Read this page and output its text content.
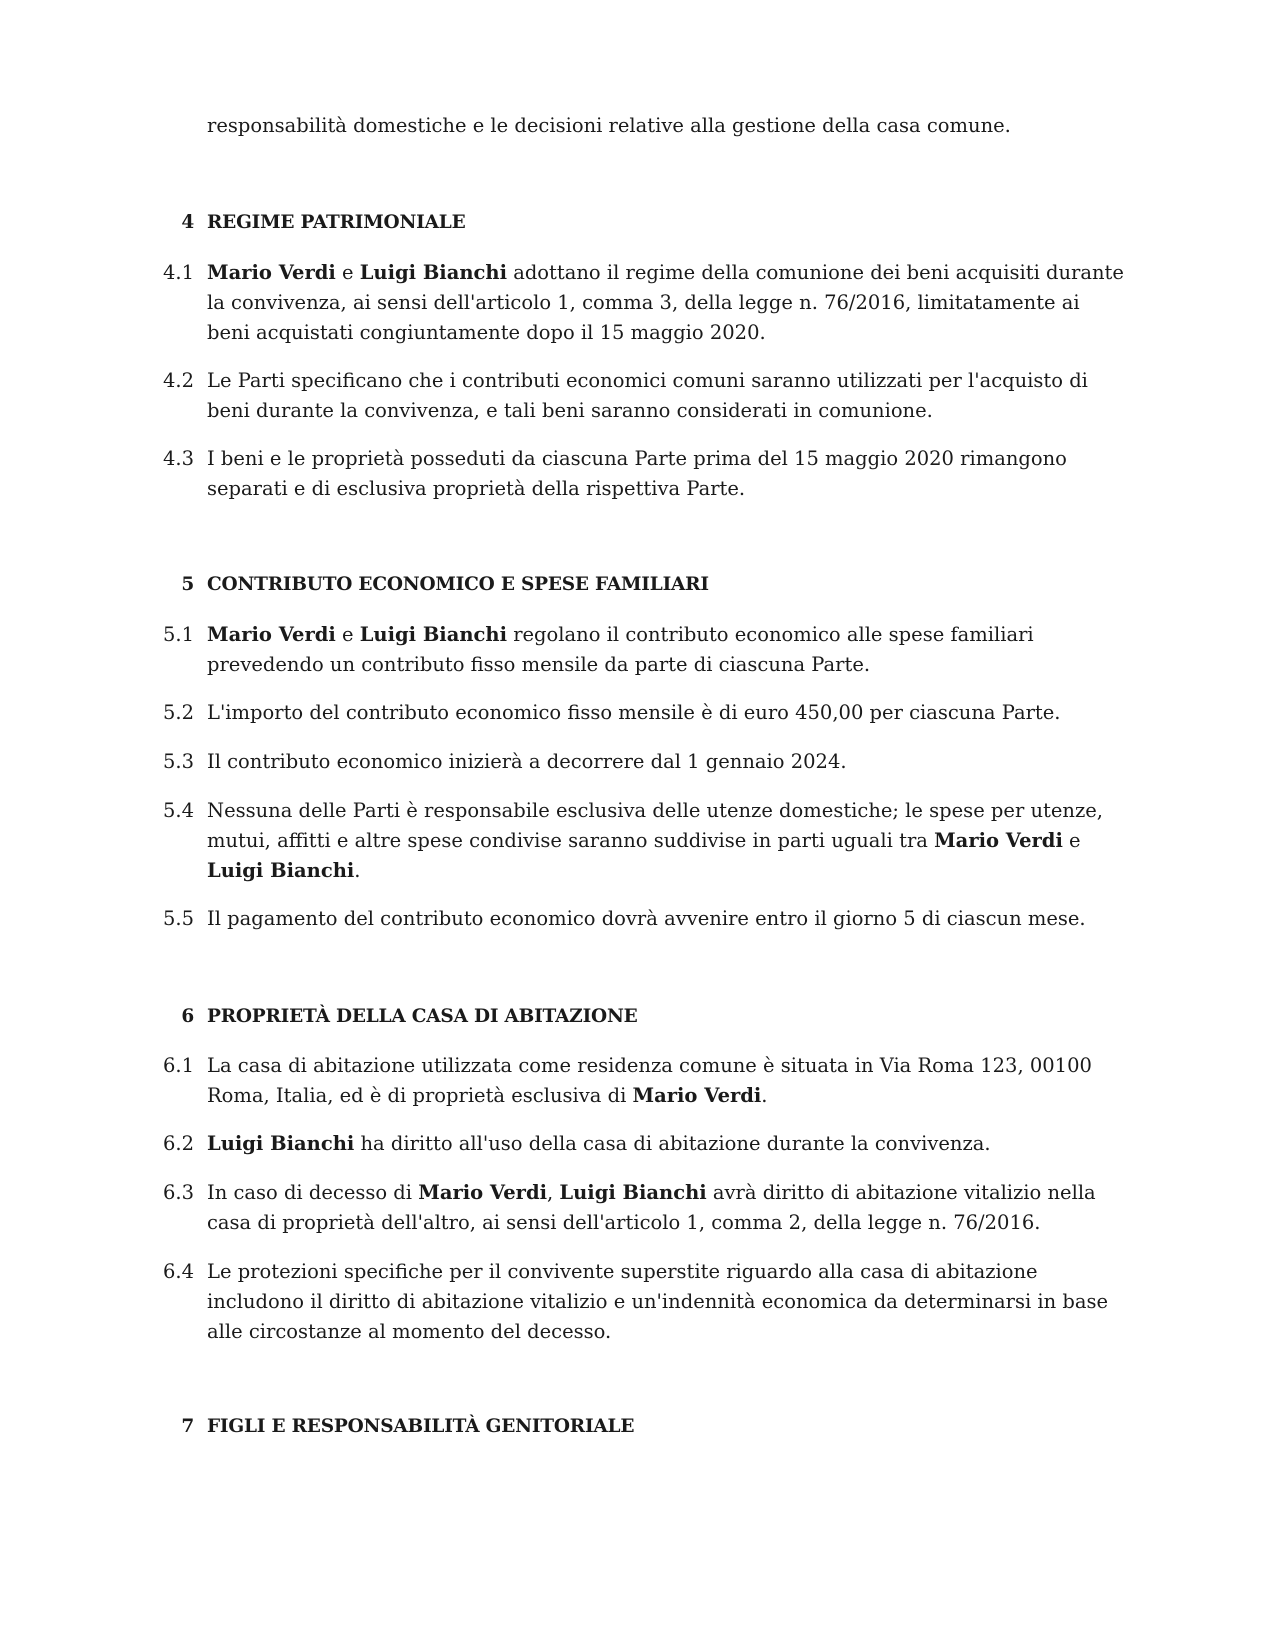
responsabilità domestiche e le decisioni relative alla gestione della casa comune.
4 REGIME PATRIMONIALE
4.1 Mario Verdi e Luigi Bianchi adottano il regime della comunione dei beni acquisiti durante la convivenza, ai sensi dell'articolo 1, comma 3, della legge n. 76/2016, limitatamente ai beni acquistati congiuntamente dopo il 15 maggio 2020.
4.2 Le Parti specificano che i contributi economici comuni saranno utilizzati per l'acquisto di beni durante la convivenza, e tali beni saranno considerati in comunione.
4.3 I beni e le proprietà posseduti da ciascuna Parte prima del 15 maggio 2020 rimangono separati e di esclusiva proprietà della rispettiva Parte.
5 CONTRIBUTO ECONOMICO E SPESE FAMILIARI
5.1 Mario Verdi e Luigi Bianchi regolano il contributo economico alle spese familiari prevedendo un contributo fisso mensile da parte di ciascuna Parte.
5.2 L'importo del contributo economico fisso mensile è di euro 450,00 per ciascuna Parte.
5.3 Il contributo economico inizierà a decorrere dal 1 gennaio 2024.
5.4 Nessuna delle Parti è responsabile esclusiva delle utenze domestiche; le spese per utenze, mutui, affitti e altre spese condivise saranno suddivise in parti uguali tra Mario Verdi e Luigi Bianchi.
5.5 Il pagamento del contributo economico dovrà avvenire entro il giorno 5 di ciascun mese.
6 PROPRIETÀ DELLA CASA DI ABITAZIONE
6.1 La casa di abitazione utilizzata come residenza comune è situata in Via Roma 123, 00100 Roma, Italia, ed è di proprietà esclusiva di Mario Verdi.
6.2 Luigi Bianchi ha diritto all'uso della casa di abitazione durante la convivenza.
6.3 In caso di decesso di Mario Verdi, Luigi Bianchi avrà diritto di abitazione vitalizio nella casa di proprietà dell'altro, ai sensi dell'articolo 1, comma 2, della legge n. 76/2016.
6.4 Le protezioni specifiche per il convivente superstite riguardo alla casa di abitazione includono il diritto di abitazione vitalizio e un'indennità economica da determinarsi in base alle circostanze al momento del decesso.
7 FIGLI E RESPONSABILITÀ GENITORIALE
